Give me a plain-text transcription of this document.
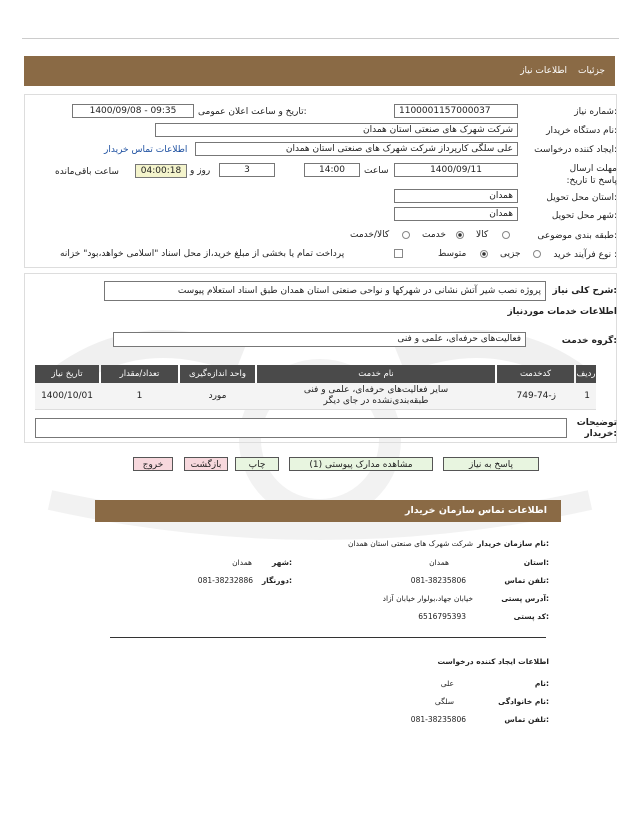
جزئیات
اطلاعات نیاز
شماره نیاز:
1100001157000037
تاریخ و ساعت اعلان عمومی:
1400/09/08 - 09:35
نام دستگاه خریدار:
شرکت شهرک های صنعتی استان همدان
ایجاد کننده درخواست:
علی سلگی کارپرداز شرکت شهرک های صنعتی استان همدان
اطلاعات تماس خریدار
مهلت ارسال پاسخ تا تاریخ:
1400/09/11
ساعت
14:00
3
روز و
04:00:18
ساعت باقی‌مانده
استان محل تحویل:
همدان
شهر محل تحویل:
همدان
طبقه بندی موضوعی:
کالا
خدمت
کالا/خدمت
نوع فرآیند خرید :
جزیی
متوسط
پرداخت تمام یا بخشی از مبلغ خرید،از محل اسناد "اسلامی خواهد،بود" خزانه
شرح کلی نیاز:
پروژه نصب شیر آتش نشانی در شهرکها و نواحی صنعتی استان همدان طبق اسناد استعلام پیوست
اطلاعات خدمات موردنیاز
گروه خدمت:
فعالیت‌های حرفه‌ای، علمی و فنی
ردیف
کدخدمت
نام خدمت
واحد اندازه‌گیری
تعداد/مقدار
تاریخ نیاز
1
ز-74-749
سایر فعالیت‌های حرفه‌ای، علمی و فنی
طبقه‌بندی‌نشده در جای دیگر
مورد
1
1400/10/01
توضیحات
خریدار:
پاسخ به نیاز
مشاهده مدارک پیوستی (1)
چاپ
بازگشت
خروج
اطلاعات تماس سازمان خریدار
نام سازمان خریدار:
شرکت شهرک های صنعتی استان همدان
استان:
همدان
شهر:
همدان
تلفن تماس:
081-38235806
دورنگار:
081-38232886
آدرس پستی:
خیابان جهاد،بولوار خیابان آزاد
کد پستی:
6516795393
اطلاعات ایجاد کننده درخواست
نام:
علی
نام خانوادگی:
سلگی
تلفن تماس:
081-38235806
